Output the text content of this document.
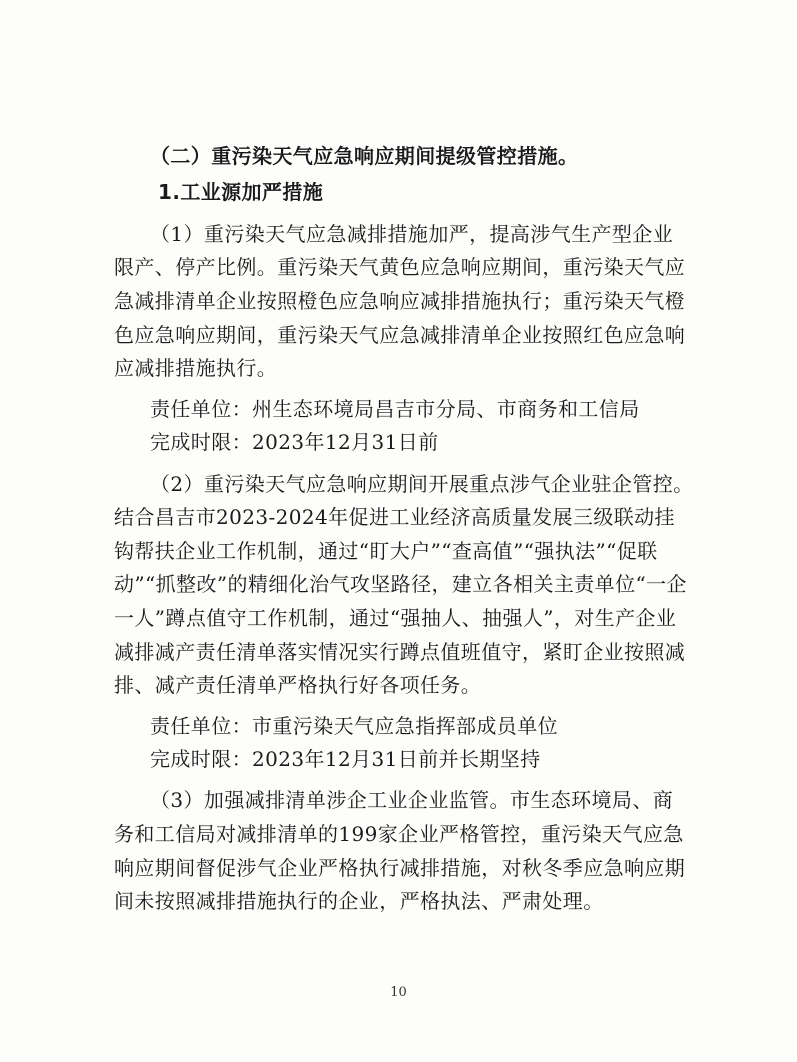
（二）重污染天气应急响应期间提级管控措施。
1.工业源加严措施
（1）重污染天气应急减排措施加严，提高涉气生产型企业
限产、停产比例。重污染天气黄色应急响应期间，重污染天气应
急减排清单企业按照橙色应急响应减排措施执行；重污染天气橙
色应急响应期间，重污染天气应急减排清单企业按照红色应急响
应减排措施执行。
责任单位：州生态环境局昌吉市分局、市商务和工信局
完成时限：2023年12月31日前
（2）重污染天气应急响应期间开展重点涉气企业驻企管控。
结合昌吉市2023-2024年促进工业经济高质量发展三级联动挂
钩帮扶企业工作机制，通过“盯大户”“查高值”“强执法”“促联
动”“抓整改”的精细化治气攻坚路径，建立各相关主责单位“一企
一人”蹲点值守工作机制，通过“强抽人、抽强人”，对生产企业
减排减产责任清单落实情况实行蹲点值班值守，紧盯企业按照减
排、减产责任清单严格执行好各项任务。
责任单位：市重污染天气应急指挥部成员单位
完成时限：2023年12月31日前并长期坚持
（3）加强减排清单涉企工业企业监管。市生态环境局、商
务和工信局对减排清单的199家企业严格管控，重污染天气应急
响应期间督促涉气企业严格执行减排措施，对秋冬季应急响应期
间未按照减排措施执行的企业，严格执法、严肃处理。
10
